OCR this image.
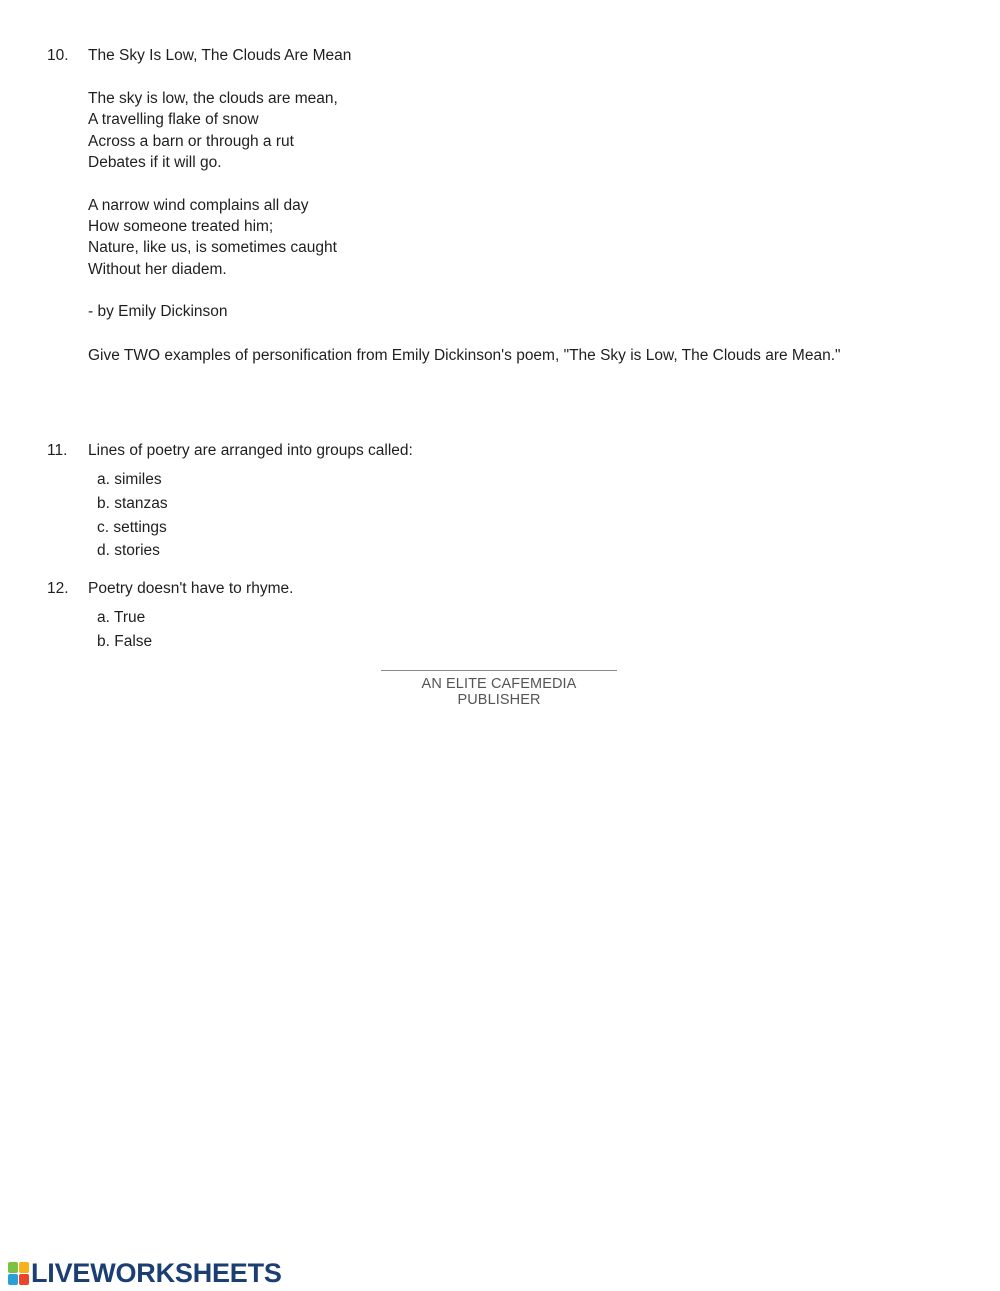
10. The Sky Is Low, The Clouds Are Mean
The sky is low, the clouds are mean,
A travelling flake of snow
Across a barn or through a rut
Debates if it will go.
A narrow wind complains all day
How someone treated him;
Nature, like us, is sometimes caught
Without her diadem.
- by Emily Dickinson
Give TWO examples of personification from Emily Dickinson's poem, "The Sky is Low, The Clouds are Mean."
11. Lines of poetry are arranged into groups called:
a. similes
b. stanzas
c. settings
d. stories
12. Poetry doesn't have to rhyme.
a. True
b. False
AN ELITE CAFEMEDIA PUBLISHER
LIVEWORKSHEETS
